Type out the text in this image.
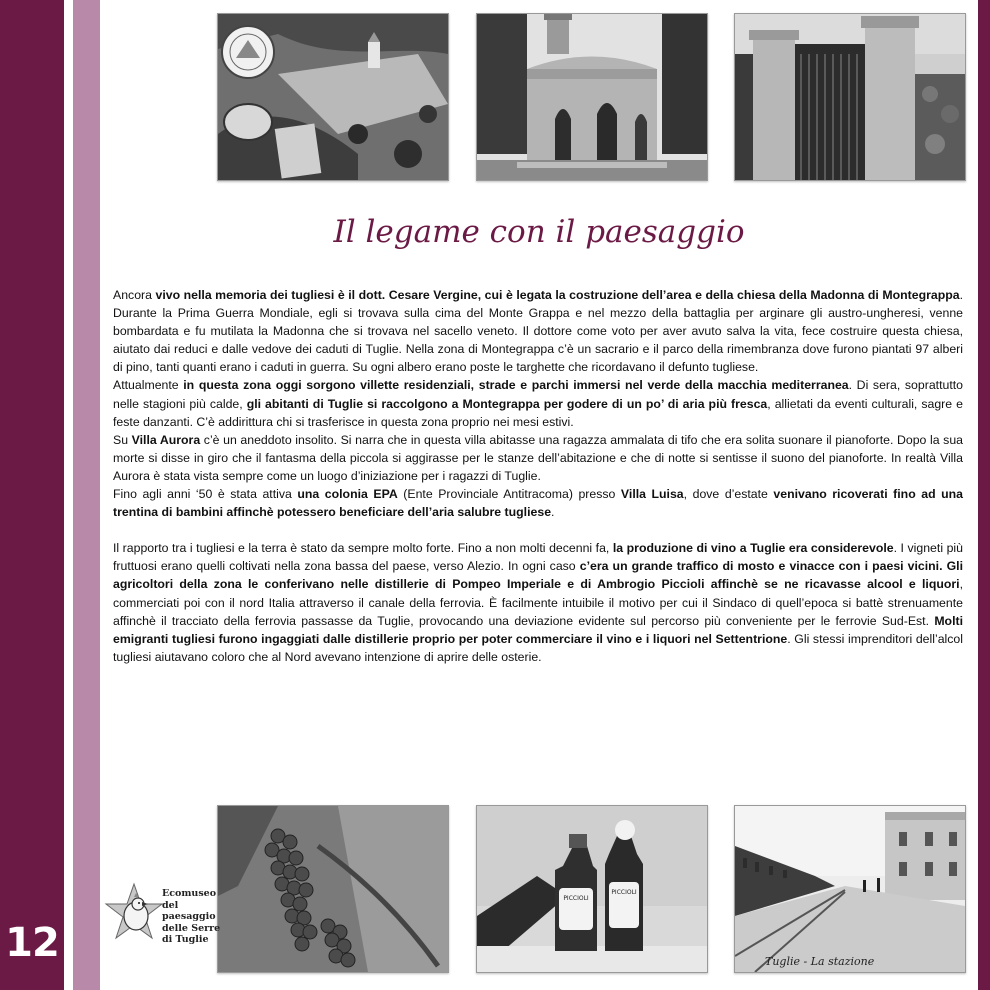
12
Il legame con il paesaggio

Ancora vivo nella memoria dei tugliesi è il dott. Cesare Vergine, cui è legata la costruzione dell’area e della chiesa della Madonna di Montegrappa. Durante la Prima Guerra Mondiale, egli si trovava sulla cima del Monte Grappa e nel mezzo della battaglia per arginare gli austro-ungheresi, venne bombardata e fu mutilata la Madonna che si trovava nel sacello veneto. Il dottore come voto per aver avuto salva la vita, fece costruire questa chiesa, aiutato dai reduci e dalle vedove dei caduti di Tuglie. Nella zona di Montegrappa c’è un sacrario e il parco della rimembranza dove furono piantati 97 alberi di pino, tanti quanti erano i caduti in guerra. Su ogni albero erano poste le targhette che ricordavano il defunto tugliese.

Attualmente in questa zona oggi sorgono villette residenziali, strade e parchi immersi nel verde della macchia mediterranea. Di sera, soprattutto nelle stagioni più calde, gli abitanti di Tuglie si raccolgono a Montegrappa per godere di un po’ di aria più fresca, allietati da eventi culturali, sagre e feste danzanti. C’è addirittura chi si trasferisce in questa zona proprio nei mesi estivi.

Su Villa Aurora c’è un aneddoto insolito. Si narra che in questa villa abitasse una ragazza ammalata di tifo che era solita suonare il pianoforte. Dopo la sua morte si disse in giro che il fantasma della piccola si aggirasse per le stanze dell’abitazione e che di notte si sentisse il suono del pianoforte. In realtà Villa Aurora è stata vista sempre come un luogo d’iniziazione per i ragazzi di Tuglie.

Fino agli anni ‘50 è stata attiva una colonia EPA (Ente Provinciale Antitracoma) presso Villa Luisa, dove d’estate venivano ricoverati fino ad una trentina di bambini affinchè potessero beneficiare dell’aria salubre tugliese.

Il rapporto tra i tugliesi e la terra è stato da sempre molto forte. Fino a non molti decenni fa, la produzione di vino a Tuglie era considerevole. I vigneti più fruttuosi erano quelli coltivati nella zona bassa del paese, verso Alezio. In ogni caso c’era un grande traffico di mosto e vinacce con i paesi vicini. Gli agricoltori della zona le conferivano nelle distillerie di Pompeo Imperiale e di Ambrogio Piccioli affinchè se ne ricavasse alcool e liquori, commerciati poi con il nord Italia attraverso il canale della ferrovia. È facilmente intuibile il motivo per cui il Sindaco di quell’epoca si battè strenuamente affinchè il tracciato della ferrovia passasse da Tuglie, provocando una deviazione evidente sul percorso più conveniente per le ferrovie Sud-Est. Molti emigranti tugliesi furono ingaggiati dalle distillerie proprio per poter commerciare il vino e i liquori nel Settentrione. Gli stessi imprenditori dell’alcol tugliesi aiutavano coloro che al Nord avevano intenzione di aprire delle osterie.

PICCIOLI
PICCIOLI
Tuglie - La stazione
Ecomuseo
del paesaggio
delle Serre
di Tuglie
